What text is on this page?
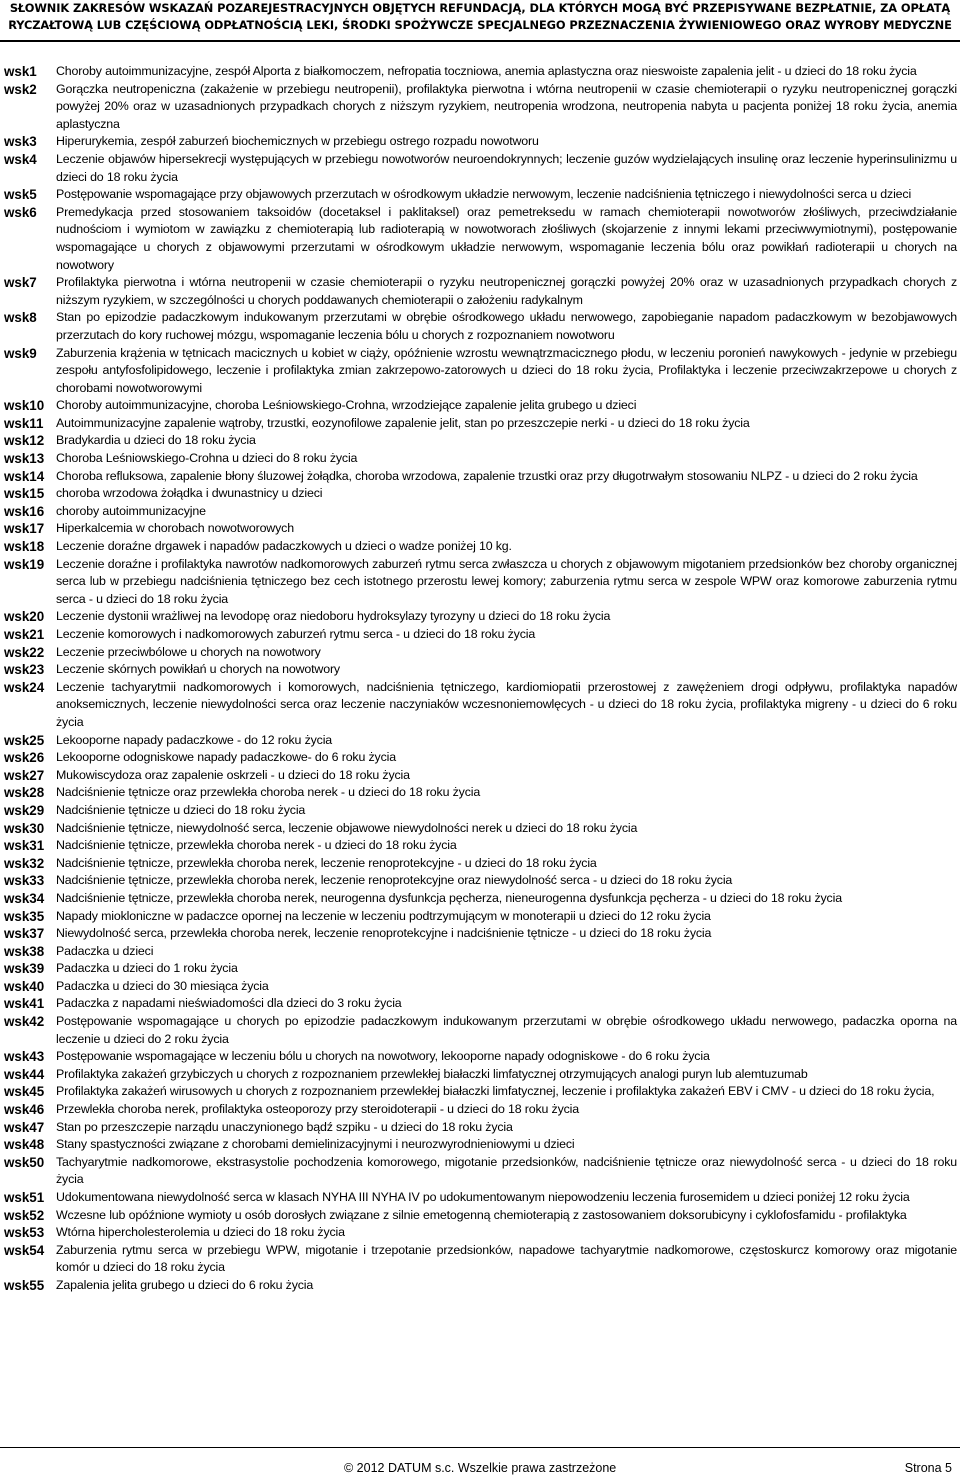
SŁOWNIK ZAKRESÓW WSKAZAŃ POZAREJESTRACYJNYCH OBJĘTYCH REFUNDACJĄ, DLA KTÓRYCH MOGĄ BYĆ PRZEPISYWANE BEZPŁATNIE, ZA OPŁATĄ
RYCZAŁTOWĄ LUB CZĘŚCIOWĄ ODPŁATNOŚCIĄ LEKI, ŚRODKI SPOŻYWCZE SPECJALNEGO PRZEZNACZENIA ŻYWIENIOWEGO ORAZ WYROBY MEDYCZNE
wsk1	Choroby autoimmunizacyjne, zespół Alporta z białkomoczem, nefropatia toczniowa, anemia aplastyczna oraz nieswoiste zapalenia jelit - u dzieci do 18 roku życia
wsk2	Gorączka neutropeniczna (zakażenie w przebiegu neutropenii), profilaktyka pierwotna i wtórna neutropenii w czasie chemioterapii o ryzyku neutropenicznej gorączki powyżej 20% oraz w uzasadnionych przypadkach chorych z niższym ryzykiem, neutropenia wrodzona, neutropenia nabyta u pacjenta poniżej 18 roku życia, anemia aplastyczna
wsk3	Hiperurykemia, zespół zaburzeń biochemicznych w przebiegu ostrego rozpadu nowotworu
wsk4	Leczenie objawów hipersekrecji występujących w przebiegu nowotworów neuroendokrynnych; leczenie guzów wydzielających insulinę oraz leczenie hyperinsulinizmu u dzieci do 18 roku życia
wsk5	Postępowanie wspomagające przy objawowych przerzutach w ośrodkowym układzie nerwowym, leczenie nadciśnienia tętniczego i niewydolności serca u dzieci
wsk6	Premedykacja przed stosowaniem taksoidów (docetaksel i paklitaksel) oraz pemetreksedu w ramach chemioterapii nowotworów złośliwych, przeciwdziałanie nudnościom i wymiotom w zawiązku z chemioterapią lub radioterapią w nowotworach złośliwych (skojarzenie z innymi lekami przeciwwymiotnymi), postępowanie wspomagające u chorych z objawowymi przerzutami w ośrodkowym układzie nerwowym, wspomaganie leczenia bólu oraz powikłań radioterapii u chorych na nowotwory
wsk7	Profilaktyka pierwotna i wtórna neutropenii w czasie chemioterapii o ryzyku neutropenicznej gorączki powyżej 20% oraz w uzasadnionych przypadkach chorych z niższym ryzykiem, w szczególności u chorych poddawanych chemioterapii o założeniu radykalnym
wsk8	Stan po epizodzie padaczkowym indukowanym przerzutami w obrębie ośrodkowego układu nerwowego, zapobieganie napadom padaczkowym w bezobjawowych przerzutach do kory ruchowej mózgu, wspomaganie leczenia bólu u chorych z rozpoznaniem nowotworu
wsk9	Zaburzenia krążenia w tętnicach macicznych u kobiet w ciąży, opóźnienie wzrostu wewnątrzmacicznego płodu, w leczeniu poronień nawykowych - jedynie w przebiegu zespołu antyfosfolipidowego, leczenie i profilaktyka zmian zakrzepowo-zatorowych u dzieci do 18 roku życia, Profilaktyka i leczenie przeciwzakrzepowe u chorych z chorobami nowotworowymi
wsk10	Choroby autoimmunizacyjne, choroba Leśniowskiego-Crohna, wrzodziejące zapalenie jelita grubego u dzieci
wsk11	Autoimmunizacyjne zapalenie wątroby, trzustki, eozynofilowe zapalenie jelit, stan po przeszczepie nerki - u dzieci do 18 roku życia
wsk12	Bradykardia u dzieci do 18 roku życia
wsk13	Choroba Leśniowskiego-Crohna u dzieci do 8 roku życia
wsk14	Choroba refluksowa, zapalenie błony śluzowej żołądka, choroba wrzodowa, zapalenie trzustki oraz przy długotrwałym stosowaniu NLPZ - u dzieci do 2 roku życia
wsk15	choroba wrzodowa żołądka i dwunastnicy u dzieci
wsk16	choroby autoimmunizacyjne
wsk17	Hiperkalcemia w chorobach nowotworowych
wsk18	Leczenie doraźne drgawek i napadów padaczkowych u dzieci o wadze poniżej 10 kg.
wsk19	Leczenie doraźne i profilaktyka nawrotów nadkomorowych zaburzeń rytmu serca zwłaszcza u chorych z objawowym migotaniem przedsionków bez choroby organicznej serca lub w przebiegu nadciśnienia tętniczego bez cech istotnego przerostu lewej komory; zaburzenia rytmu serca w zespole WPW oraz komorowe zaburzenia rytmu serca - u dzieci do 18 roku życia
wsk20	Leczenie dystonii wrażliwej na levodopę oraz niedoboru hydroksylazy tyrozyny u dzieci do 18 roku życia
wsk21	Leczenie komorowych i nadkomorowych zaburzeń rytmu serca - u dzieci do 18 roku życia
wsk22	Leczenie przeciwbólowe u chorych na nowotwory
wsk23	Leczenie skórnych powikłań u chorych na nowotwory
wsk24	Leczenie tachyarytmii nadkomorowych i komorowych, nadciśnienia tętniczego, kardiomiopatii przerostowej z zawężeniem drogi odpływu, profilaktyka napadów anoksemicznych, leczenie niewydolności serca oraz leczenie naczyniaków wczesnoniemowlęcych - u dzieci do 18 roku życia, profilaktyka migreny - u dzieci do 6 roku życia
wsk25	Lekooporne napady padaczkowe - do 12 roku życia
wsk26	Lekooporne odogniskowe napady padaczkowe- do 6 roku życia
wsk27	Mukowiscydoza oraz zapalenie oskrzeli - u dzieci do 18 roku życia
wsk28	Nadciśnienie tętnicze oraz przewlekła choroba nerek - u dzieci do 18 roku życia
wsk29	Nadciśnienie tętnicze u dzieci do 18 roku życia
wsk30	Nadciśnienie tętnicze, niewydolność serca, leczenie objawowe niewydolności nerek u dzieci do 18 roku życia
wsk31	Nadciśnienie tętnicze, przewlekła choroba nerek - u dzieci do 18 roku życia
wsk32	Nadciśnienie tętnicze, przewlekła choroba nerek, leczenie renoprotekcyjne - u dzieci do 18 roku życia
wsk33	Nadciśnienie tętnicze, przewlekła choroba nerek, leczenie renoprotekcyjne oraz niewydolność serca - u dzieci do 18 roku życia
wsk34	Nadciśnienie tętnicze, przewlekła choroba nerek, neurogenna dysfunkcja pęcherza, nieneurogenna dysfunkcja pęcherza - u dzieci do 18 roku życia
wsk35	Napady miokloniczne w padaczce opornej na leczenie w leczeniu podtrzymującym w monoterapii u dzieci do 12 roku życia
wsk37	Niewydolność serca, przewlekła choroba nerek, leczenie renoprotekcyjne i nadciśnienie tętnicze - u dzieci do 18 roku życia
wsk38	Padaczka u dzieci
wsk39	Padaczka u dzieci do 1 roku życia
wsk40	Padaczka u dzieci do 30 miesiąca życia
wsk41	Padaczka z napadami nieświadomości dla dzieci do 3 roku życia
wsk42	Postępowanie wspomagające u chorych po epizodzie padaczkowym indukowanym przerzutami w obrębie ośrodkowego układu nerwowego, padaczka oporna na leczenie u dzieci do 2 roku życia
wsk43	Postępowanie wspomagające w leczeniu bólu u chorych na nowotwory, lekooporne napady odogniskowe - do 6 roku życia
wsk44	Profilaktyka zakażeń grzybiczych u chorych z rozpoznaniem przewlekłej białaczki limfatycznej otrzymujących analogi puryn lub alemtuzumab
wsk45	Profilaktyka zakażeń wirusowych u chorych z rozpoznaniem przewlekłej białaczki limfatycznej, leczenie i profilaktyka zakażeń EBV i CMV - u dzieci do 18 roku życia,
wsk46	Przewlekła choroba nerek, profilaktyka osteoporozy przy steroidoterapii - u dzieci do 18 roku życia
wsk47	Stan po przeszczepie narządu unaczynionego bądź szpiku - u dzieci do 18 roku życia
wsk48	Stany spastyczności związane z chorobami demielinizacyjnymi i neurozwyrodnieniowymi u dzieci
wsk50	Tachyarytmie nadkomorowe, ekstrasystolie pochodzenia komorowego, migotanie przedsionków, nadciśnienie tętnicze oraz niewydolność serca - u dzieci do 18 roku życia
wsk51	Udokumentowana niewydolność serca w klasach NYHA III NYHA IV po udokumentowanym niepowodzeniu leczenia furosemidem u dzieci poniżej 12 roku życia
wsk52	Wczesne lub opóźnione wymioty u osób dorosłych związane z silnie emetogenną chemioterapią z zastosowaniem doksorubicyny i cyklofosfamidu - profilaktyka
wsk53	Wtórna hipercholesterolemia u dzieci do 18 roku życia
wsk54	Zaburzenia rytmu serca w przebiegu WPW, migotanie i trzepotanie przedsionków, napadowe tachyarytmie nadkomorowe, częstoskurcz komorowy oraz migotanie komór u dzieci do 18 roku życia
wsk55	Zapalenia jelita grubego u dzieci do 6 roku życia
© 2012 DATUM s.c. Wszelkie prawa zastrzeżone	Strona 5
